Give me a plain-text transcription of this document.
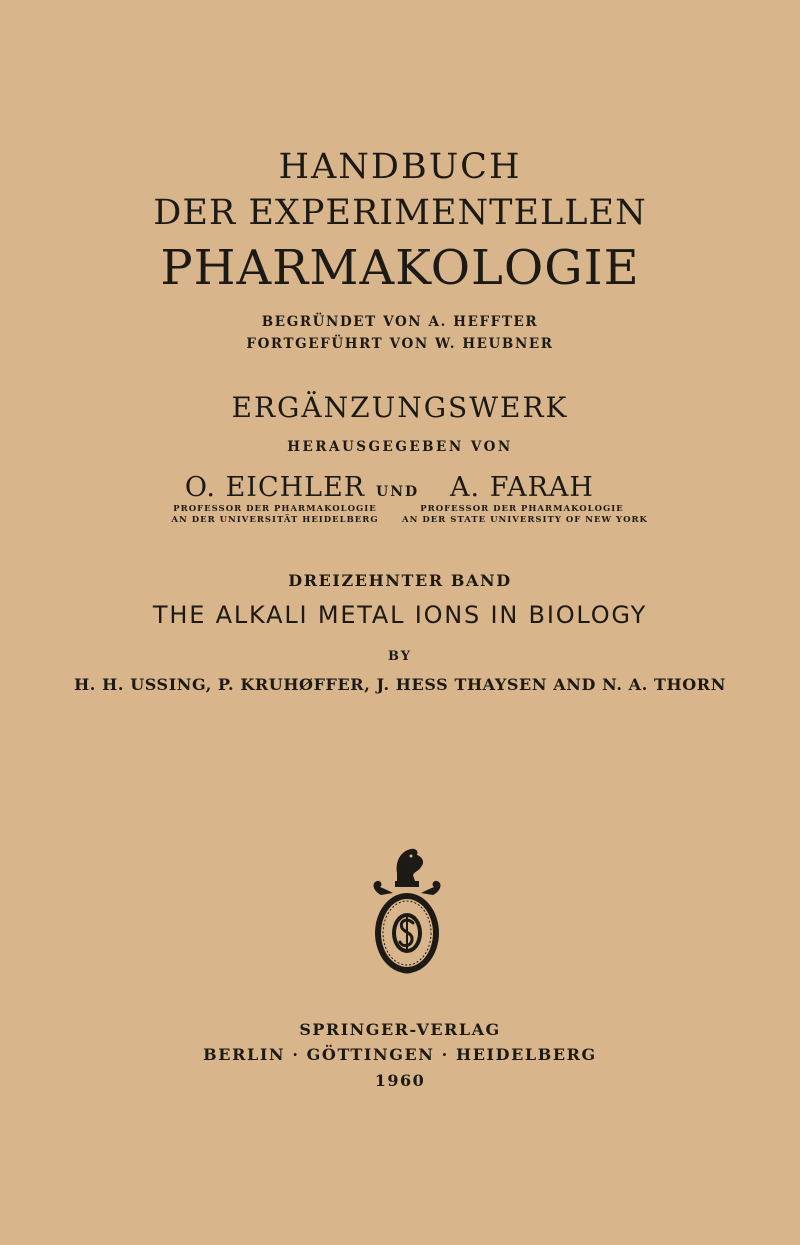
HANDBUCH
DER EXPERIMENTELLEN
PHARMAKOLOGIE
BEGRÜNDET VON A. HEFFTER
FORTGEFÜHRT VON W. HEUBNER
ERGÄNZUNGSWERK
HERAUSGEGEBEN VON
O. EICHLER
PROFESSOR DER PHARMAKOLOGIE
AN DER UNIVERSITÄT HEIDELBERG
UND	A. FARAH
PROFESSOR DER PHARMAKOLOGIE
AN DER STATE UNIVERSITY OF NEW YORK
DREIZEHNTER BAND
THE ALKALI METAL IONS IN BIOLOGY
BY
H. H. USSING, P. KRUHØFFER, J. HESS THAYSEN AND N. A. THORN
SPRINGER-VERLAG
BERLIN · GÖTTINGEN · HEIDELBERG
1960
